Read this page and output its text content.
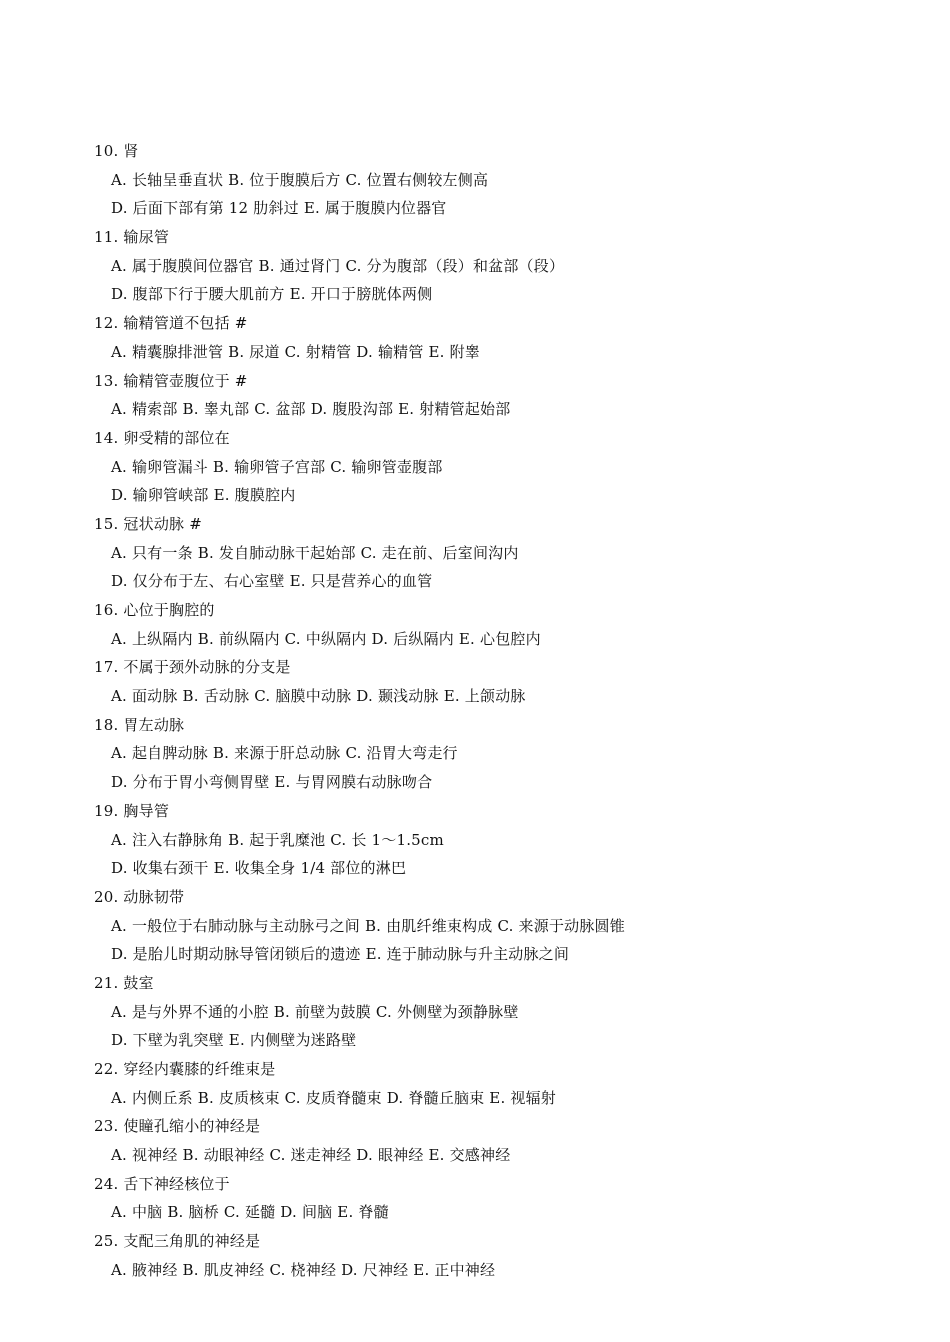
10. 肾
A. 长轴呈垂直状 B. 位于腹膜后方 C. 位置右侧较左侧高
D. 后面下部有第 12 肋斜过 E. 属于腹膜内位器官
11. 输尿管
A. 属于腹膜间位器官 B. 通过肾门 C. 分为腹部（段）和盆部（段）
D. 腹部下行于腰大肌前方 E. 开口于膀胱体两侧
12. 输精管道不包括 #
A. 精囊腺排泄管 B. 尿道 C. 射精管 D. 输精管 E. 附睾
13. 输精管壶腹位于 #
A. 精索部 B. 睾丸部 C. 盆部 D. 腹股沟部 E. 射精管起始部
14. 卵受精的部位在
A. 输卵管漏斗 B. 输卵管子宫部 C. 输卵管壶腹部
D. 输卵管峡部 E. 腹膜腔内
15. 冠状动脉 #
A. 只有一条 B. 发自肺动脉干起始部 C. 走在前、后室间沟内
D. 仅分布于左、右心室壁 E. 只是营养心的血管
16. 心位于胸腔的
A. 上纵隔内 B. 前纵隔内 C. 中纵隔内 D. 后纵隔内 E. 心包腔内
17. 不属于颈外动脉的分支是
A. 面动脉 B. 舌动脉 C. 脑膜中动脉 D. 颞浅动脉 E. 上颌动脉
18. 胃左动脉
A. 起自脾动脉 B. 来源于肝总动脉 C. 沿胃大弯走行
D. 分布于胃小弯侧胃壁 E. 与胃网膜右动脉吻合
19. 胸导管
A. 注入右静脉角 B. 起于乳糜池 C. 长 1～1.5cm
D. 收集右颈干 E. 收集全身 1/4 部位的淋巴
20. 动脉韧带
A. 一般位于右肺动脉与主动脉弓之间 B. 由肌纤维束构成 C. 来源于动脉圆锥
D. 是胎儿时期动脉导管闭锁后的遗迹 E. 连于肺动脉与升主动脉之间
21. 鼓室
A. 是与外界不通的小腔 B. 前壁为鼓膜 C. 外侧壁为颈静脉壁
D. 下壁为乳突壁 E. 内侧壁为迷路壁
22. 穿经内囊膝的纤维束是
A. 内侧丘系 B. 皮质核束 C. 皮质脊髓束 D. 脊髓丘脑束 E. 视辐射
23. 使瞳孔缩小的神经是
A. 视神经 B. 动眼神经 C. 迷走神经 D. 眼神经 E. 交感神经
24. 舌下神经核位于
A. 中脑 B. 脑桥 C. 延髓 D. 间脑 E. 脊髓
25. 支配三角肌的神经是
A. 腋神经 B. 肌皮神经 C. 桡神经 D. 尺神经 E. 正中神经
